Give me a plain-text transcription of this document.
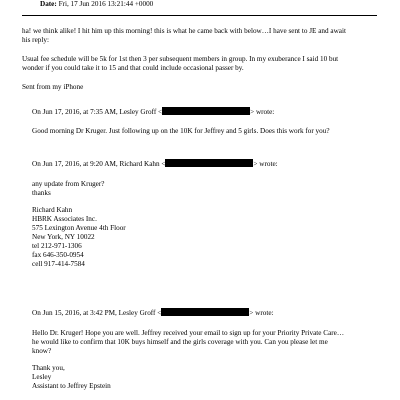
Date: Fri, 17 Jun 2016 13:21:44 +0000
ha! we think alike! I hit him up this morning! this is what he came back with below…I have sent to JE and await
his reply:
Usual fee schedule will be 5k for 1st then 3 per subsequent members in group. In my exuberance I said 10 but
wonder if you could take it to 15 and that could include occasional passer by.
Sent from my iPhone
On Jun 17, 2016, at 7:35 AM, Lesley Groff <	> wrote:
Good morning Dr Kruger. Just following up on the 10K for Jeffrey and 5 girls. Does this work for you?
On Jun 17, 2016, at 9:20 AM, Richard Kahn <	> wrote:
any update from Kruger?
thanks
Richard Kahn
HBRK Associates Inc.
575 Lexington Avenue 4th Floor
New York, NY 10022
tel 212-971-1306
fax 646-350-0954
cell 917-414-7584
On Jun 15, 2016, at 3:42 PM, Lesley Groff <	> wrote:
Hello Dr. Kruger! Hope you are well. Jeffrey received your email to sign up for your Priority Private Care…
he would like to confirm that 10K buys himself and the girls coverage with you. Can you please let me
know?
Thank you,
Lesley
Assistant to Jeffrey Epstein
